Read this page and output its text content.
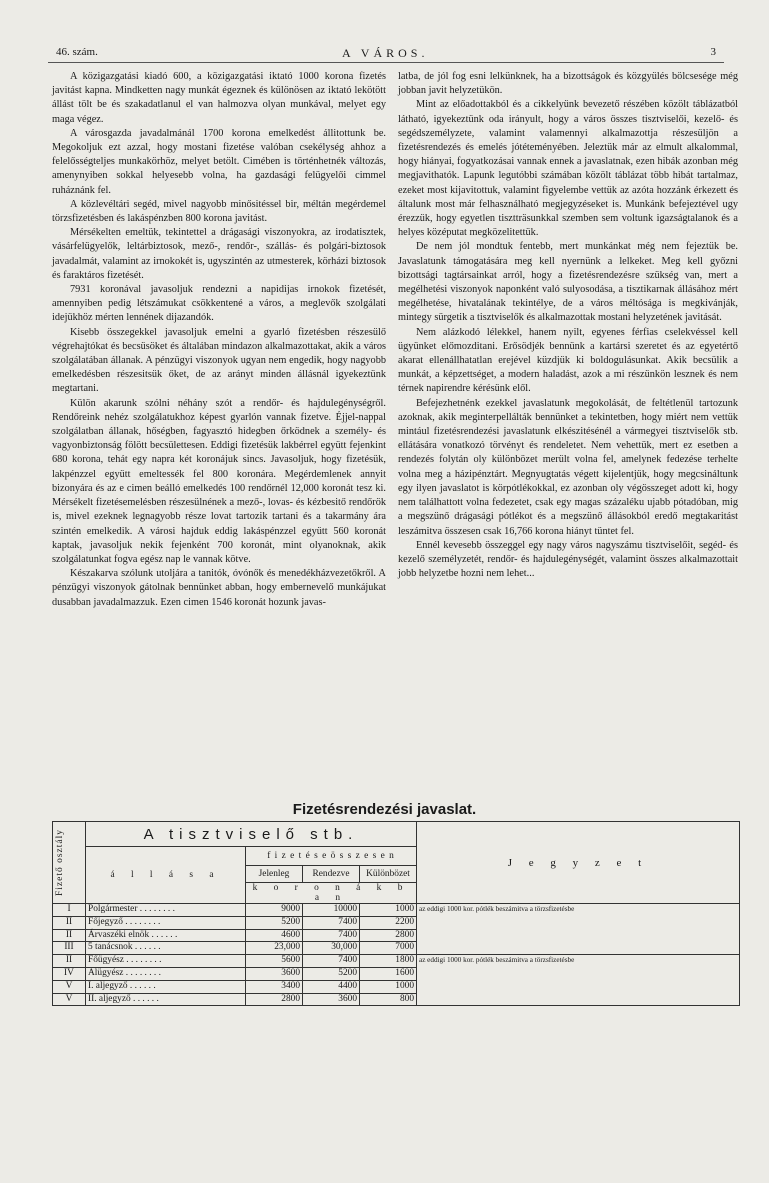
46. szám.	A VÁROS.	3

A közigazgatási kiadó 600, a közigazgatási iktató 1000 korona fizetés javitást kapna. Mindketten nagy munkát égeznek és különösen az iktató lekötött állást tölt be és szakadatlanul el van halmozva olyan munkával, melyet egy maga végez.

A városgazda javadalmánál 1700 korona emelkedést állitottunk be. Megokoljuk ezt azzal, hogy mostani fizetése valóban csekélység ahhoz a felelősségteljes munkakörhöz, melyet betölt. Cimében is történhetnék változás, amenynyiben sokkal helyesebb volna, ha gazdasági felügyelői cimmel ruháznánk fel.

A közlevéltári segéd, mivel nagyobb minősitéssel bir, méltán megérdemel törzsfizetésben és lakáspénzben 800 korona javitást.

Mérsékelten emeltük, tekintettel a drágasági viszonyokra, az irodatisztek, vásárfelügyelők, leltárbiztosok, mező-, rendőr-, szállás- és polgári-biztosok javadalmát, valamint az irnokokét is, ugyszintén az utmesterek, körházi biztosok és faraktáros fizetését.

7931 koronával javasoljuk rendezni a napidijas irnokok fizetését, amennyiben pedig létszámukat csökkentené a város, a meglevők szolgálati idejükhöz mérten lennének dijazandók.

Kisebb összegekkel javasoljuk emelni a gyarló fizetésben részesülő végrehajtókat és becsüsöket és általában mindazon alkalmazottakat, akik a város szolgálatában állanak. A pénzügyi viszonyok ugyan nem engedik, hogy nagyobb emelkedésben részesitsük őket, de az arányt minden állásnál igyekeztünk megtartani.

Külön akarunk szólni néhány szót a rendőr- és hajdulegénységről. Rendőreink nehéz szolgálatukhoz képest gyarlón vannak fizetve. Éjjel-nappal szolgálatban állanak, hőségben, fagyasztó hidegben őrködnek a személy- és vagyonbiztonság fölött becsülettesen. Eddigi fizetésük lakbérrel együtt fejenkint 680 korona, tehát egy napra két koronájuk sincs. Javasoljuk, hogy fizetésük, lakpénzzel együtt emeltessék fel 800 koronára. Megérdemlenek annyit bizonyára és az e cimen beálló emelkedés 100 rendőrnél 12,000 koronát tesz ki. Mérsékelt fizetésemelésben részesülnének a mező-, lovas- és kézbesitő rendőrök is, mivel ezeknek legnagyobb része lovat tartozik tartani és a takarmány ára szintén emelkedik. A városi hajduk eddig lakáspénzzel együtt 560 koronát kaptak, javasoljuk nekik fejenként 700 koronát, mint olyanoknak, akik szolgálatunkat fogva egész nap le vannak kötve.

Készakarva szólunk utoljára a tanitók, óvónők és menedékházvezetőkről. A pénzügyi viszonyok gátolnak bennünket abban, hogy embernevelő munkájukat dusabban javadalmazzuk. Ezen cimen 1546 koronát hozunk javas-

latba, de jól fog esni lelkünknek, ha a bizottságok és közgyülés bölcsesége még jobban javit helyzetükön.

Mint az előadottakból és a cikkelyünk bevezető részében közölt táblázatból látható, igyekeztünk oda irányult, hogy a város összes tisztviselői, kezelő- és segédszemélyzete, valamint valamennyi alkalmazottja részesüljön a fizetésrendezés és emelés jótéteményében. Jeleztük már az elmult alkalommal, hogy hiányai, fogyatkozásai vannak ennek a javaslatnak, ezen hibák azonban még megjavithatók. Lapunk legutóbbi számában közölt táblázat több hibát tartalmaz, ezeket most kijavitottuk, valamint figyelembe vettük az azóta hozzánk érkezett és általunk most már felhasználható megjegyzéseket is. Munkánk befejeztével ugy érezzük, hogy egyetlen tisztträsunkkal szemben sem voltunk igazságtalanok és a helyes középutat megközelitettük.

De nem jól mondtuk fentebb, mert munkánkat még nem fejeztük be. Javaslatunk támogatására meg kell nyernünk a lelkeket. Meg kell győzni bizottsági tagtársainkat arról, hogy a fizetésrendezésre szükség van, mert a megélhetési viszonyok naponként való sulyosodása, a tisztikarnak állásához mért megélhetése, hivatalának tekintélye, de a város méltósága is megkivánják, mintegy sürgetik a tisztviselők és alkalmazottak mostani helyzetének javitását.

Nem alázkodó lélekkel, hanem nyilt, egyenes férfias cselekvéssel kell ügyünket előmozditani. Erősödjék bennünk a kartársi szeretet és az egyetértő akarat ellenállhatatlan erejével küzdjük ki boldogulásunkat. Akik becsülik a munkát, a képzettséget, a modern haladást, azok a mi részünkön lesznek és nem térnek napirendre kérésünk elől.

Befejezhetnénk ezekkel javaslatunk megokolását, de feltétlenül tartozunk azoknak, akik meginterpellálták bennünket a tekintetben, hogy miért nem vettük mintául fizetésrendezési javaslatunk elkészitésénél a vármegyei tisztviselők stb. ellátására vonatkozó törvényt és rendeletet. Nem vehettük, mert ez esetben a rendezés folytán oly különbözet merült volna fel, amelynek fedezése terhelte volna meg a házipénztárt. Megnyugtatás végett kijelentjük, hogy megcsináltunk egy ilyen javaslatot is körpótlékokkal, ez azonban oly végösszeget adott ki, hogy nem találhattott volna fedezetet, csak egy magas százaléku ujabb pótadóban, mig a megszünő drágasági pótlékot és a megszünő állásokból eredő megtakaritást leszámitva összesen csak 16,766 korona hiányt tüntet fel.

Ennél kevesebb összeggel egy nagy város nagyszámu tisztviselőit, segéd- és kezelő személyzetét, rendőr- és hajdulegénységét, valamint összes alkalmazottait jobb helyzetbe hozni nem lehet...

Fizetésrendezési javaslat.
Fizető osztály	A tisztviselő stb.				J e g y z e t
	á l l á s a	f i z e t é s e ö s s z e s e n			
		Jelenleg	Rendezve	Különbözet	
		k o r o n á k b a n			
I	Polgármester . . . . . . . .	9000	10000	1000	az eddigi 1000 kor. pótlék beszámitva a törzsfizetésbe
II	Főjegyző . . . . . . . .	5200	7400	2200	
II	Árvaszéki elnök . . . . . .	4600	7400	2800	
III	5 tanácsnok . . . . . .	23,000	30,000	7000	
II	Főügyész . . . . . . . .	5600	7400	1800	az eddigi 1000 kor. pótlék beszámitva a törzsfizetésbe
IV	Alügyész . . . . . . . .	3600	5200	1600	
V	I. aljegyző . . . . . .	3400	4400	1000	
V	II. aljegyző . . . . . .	2800	3600	800	
